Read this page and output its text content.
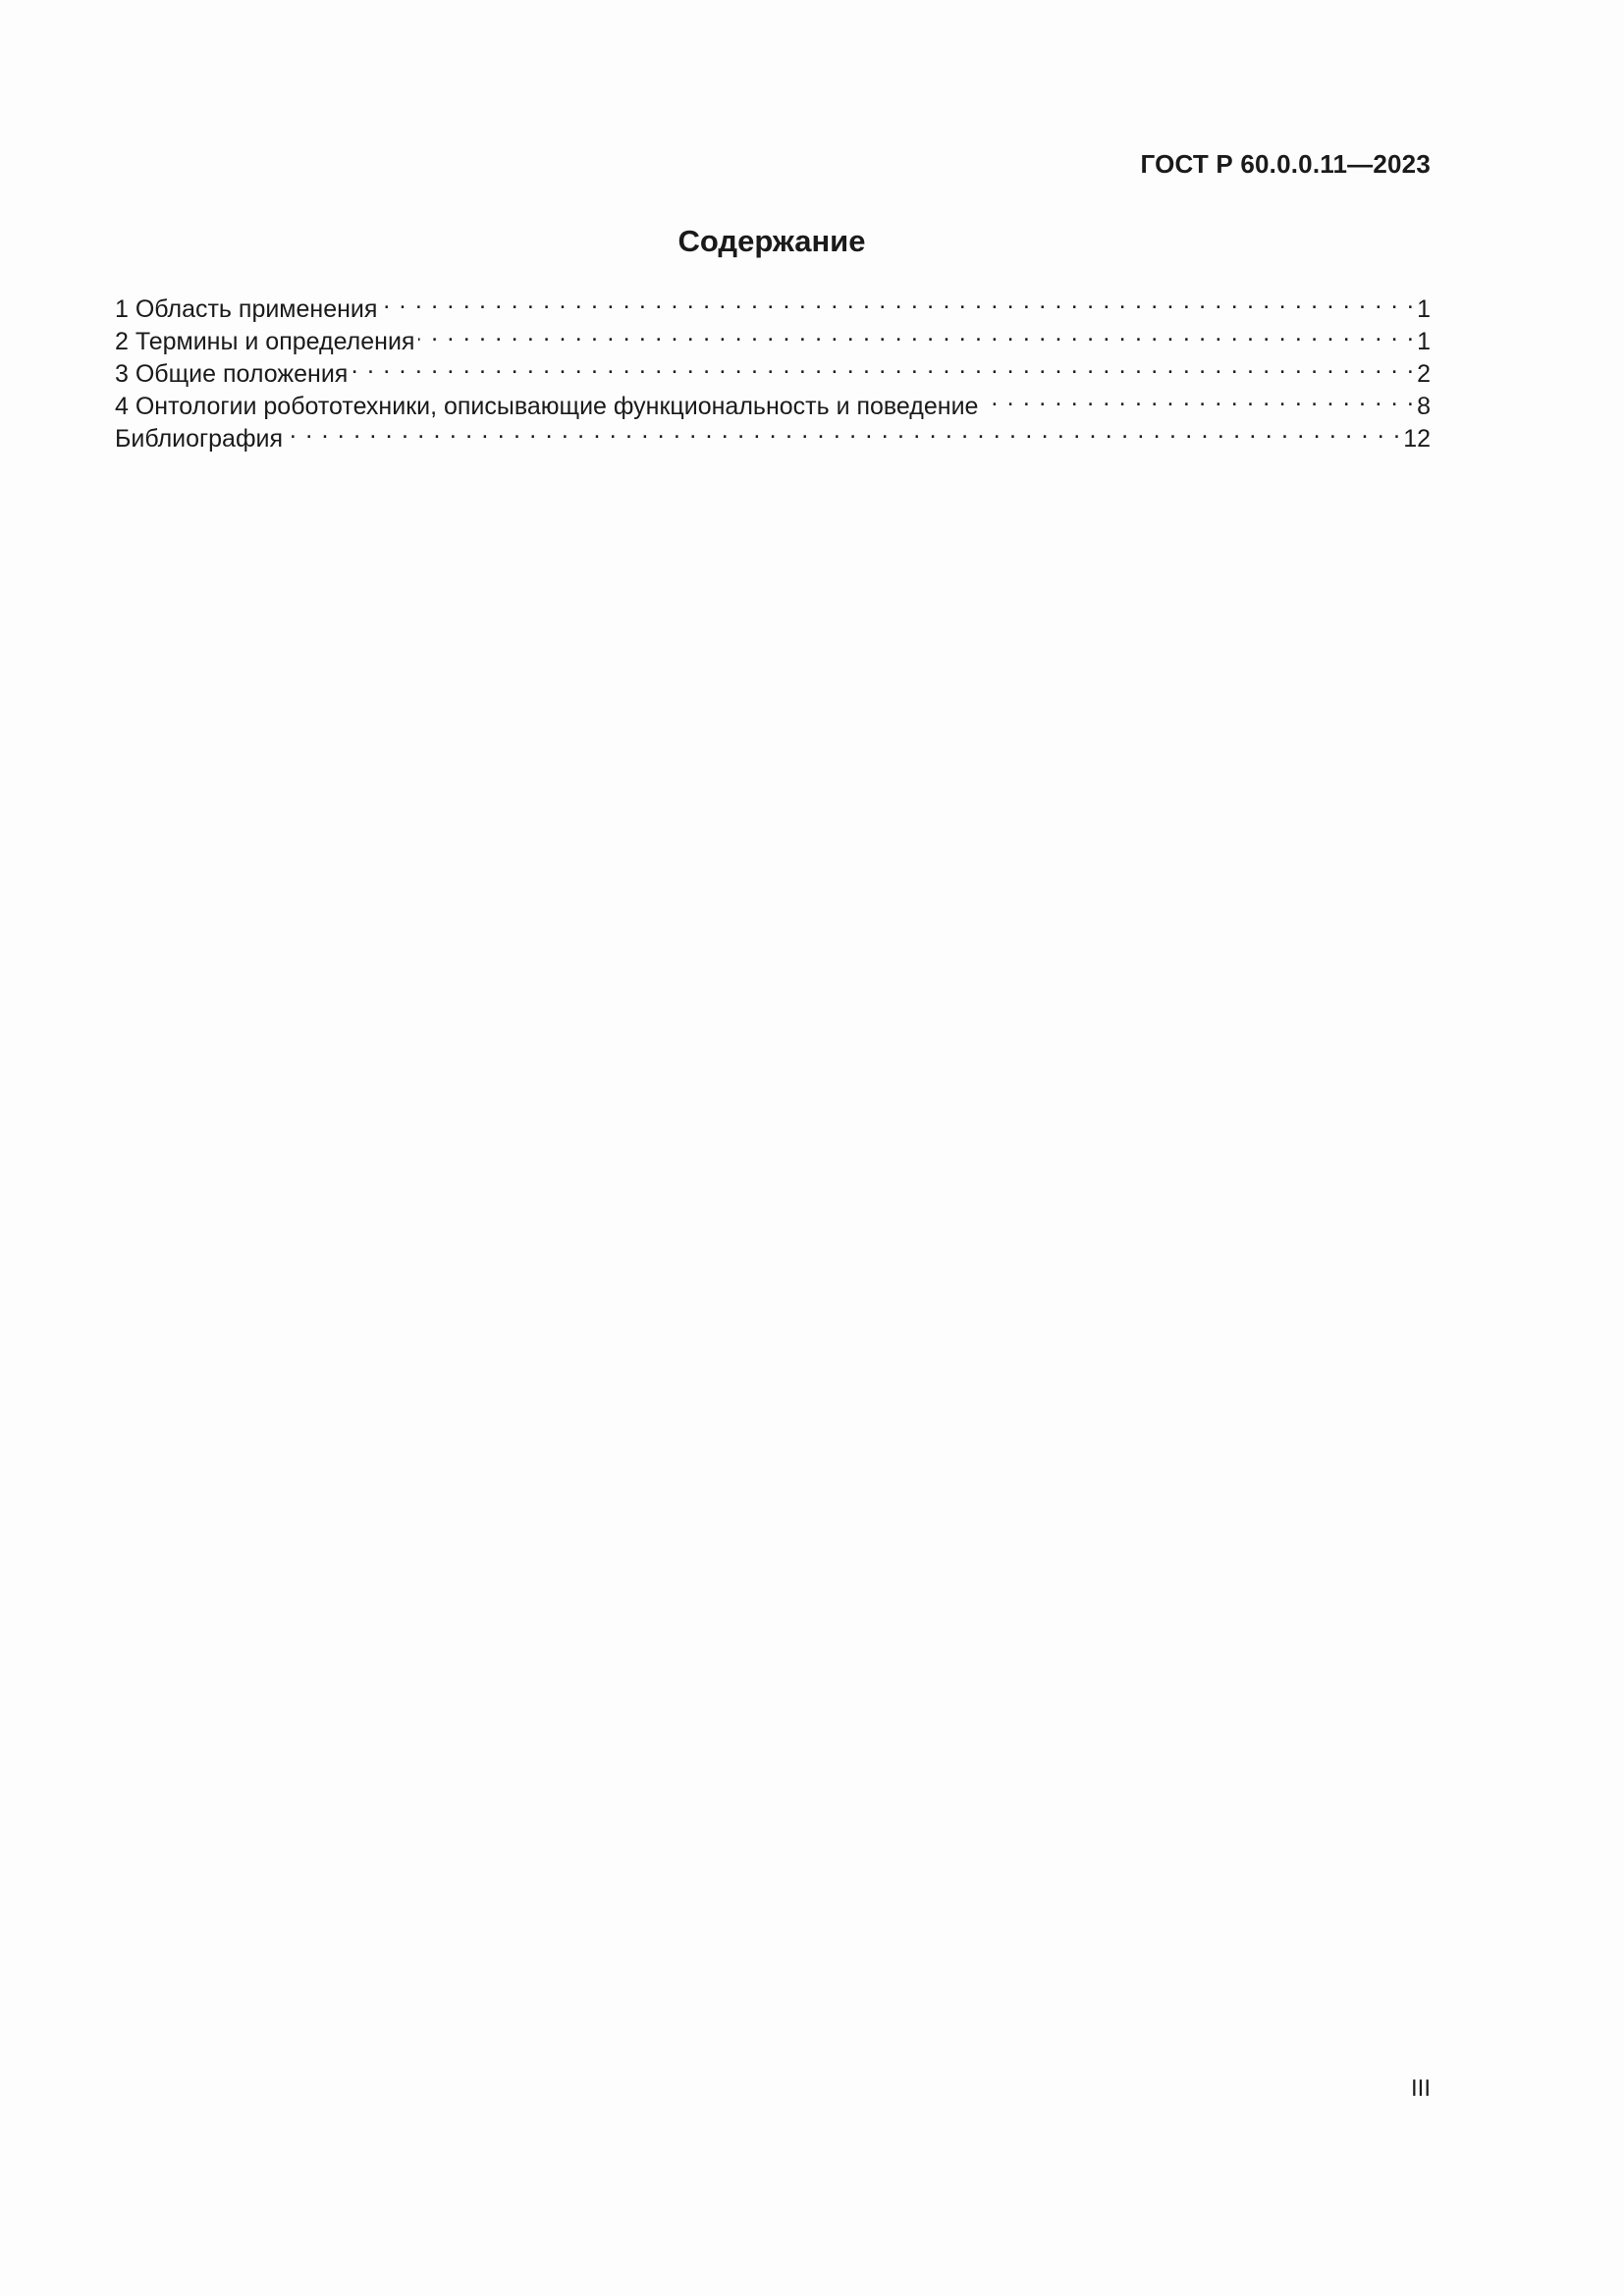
ГОСТ Р 60.0.0.11—2023
Содержание
1 Область применения . . .	1
2 Термины и определения . . .	1
3 Общие положения . . .	2
4 Онтологии робототехники, описывающие функциональность и поведение . . .	8
Библиография . . .	12
III
